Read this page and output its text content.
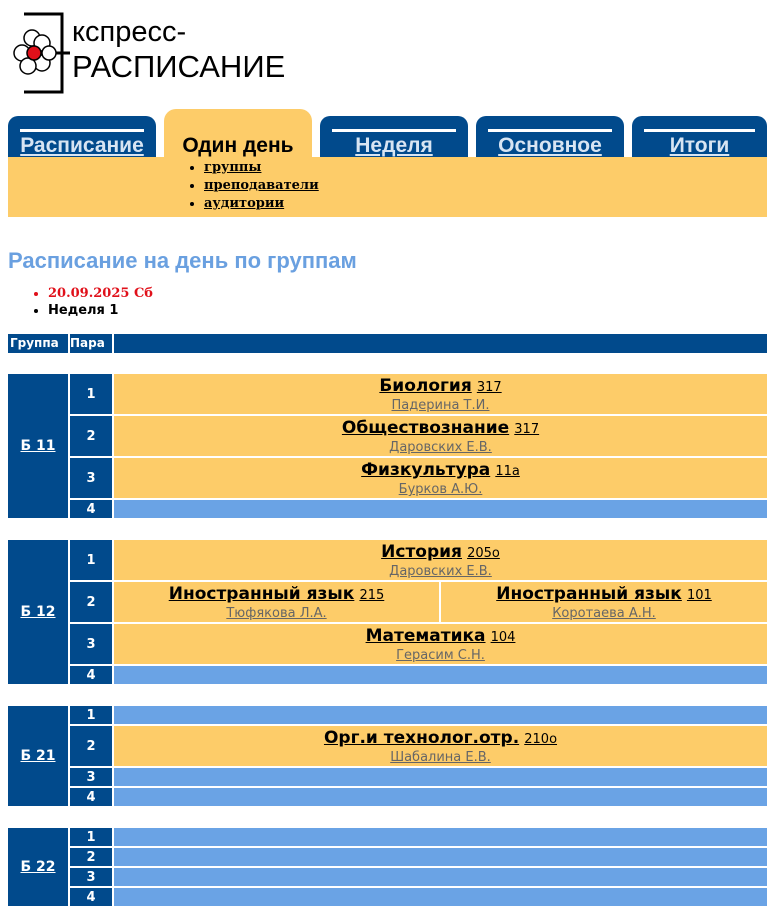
кспресс-
РАСПИСАНИЕ
Расписание	Один день	Неделя	Основное	Итоги
• группы
• преподаватели
• аудитории
Расписание на день по группам
• 20.09.2025 Сб
• Неделя 1
Группа Пара
Б 11
1	Биология 317
Падерина Т.И.
2	Обществознание 317
Даровских Е.В.
3	Физкультура 11а
Бурков А.Ю.
4
Б 12
1	История 205о
Даровских Е.В.
2	Иностранный язык 215
Тюфякова Л.А.
Иностранный язык 101
Коротаева А.Н.
3	Математика 104
Герасим С.Н.
4
Б 21
1
2	Орг.и технолог.отр. 210о
Шабалина Е.В.
3
4
Б 22
1
2
3
4
